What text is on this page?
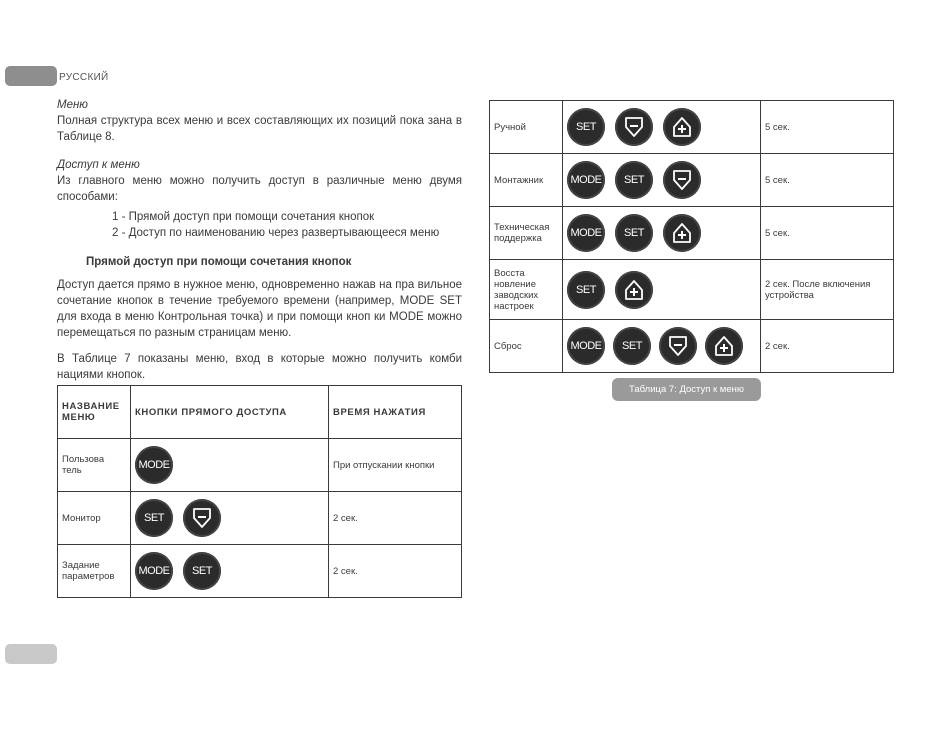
РУССКИЙ
Меню
Полная структура всех меню и всех составляющих их позиций пока зана в Таблице 8.
Доступ к меню
Из главного меню можно получить доступ в различные меню двумя способами:
1 - Прямой доступ при помощи сочетания кнопок
2 - Доступ по наименованию через развертывающееся меню
Прямой доступ при помощи сочетания кнопок
Доступ дается прямо в нужное меню, одновременно нажав на пра вильное сочетание кнопок в течение требуемого времени (например, MODE SET для входа в меню Контрольная точка) и при помощи кноп ки MODE можно перемещаться по разным страницам меню.
В Таблице 7 показаны меню, вход в которые можно получить комби нациями кнопок.
НАЗВАНИЕ МЕНЮ	КНОПКИ ПРЯМОГО ДОСТУПА	ВРЕМЯ НАЖАТИЯ
Пользова тель	MODE	При отпускании кнопки
Монитор	SET	2 сек.
Задание параметров	MODE SET	2 сек.
Ручной	SET	5 сек.
Монтажник	MODE SET	5 сек.
Техническая поддержка	MODE SET	5 сек.
Восста новление заводских настроек	SET	2 сек. После включения устройства
Сброс	MODE SET	2 сек.
Таблица 7: Доступ к меню
